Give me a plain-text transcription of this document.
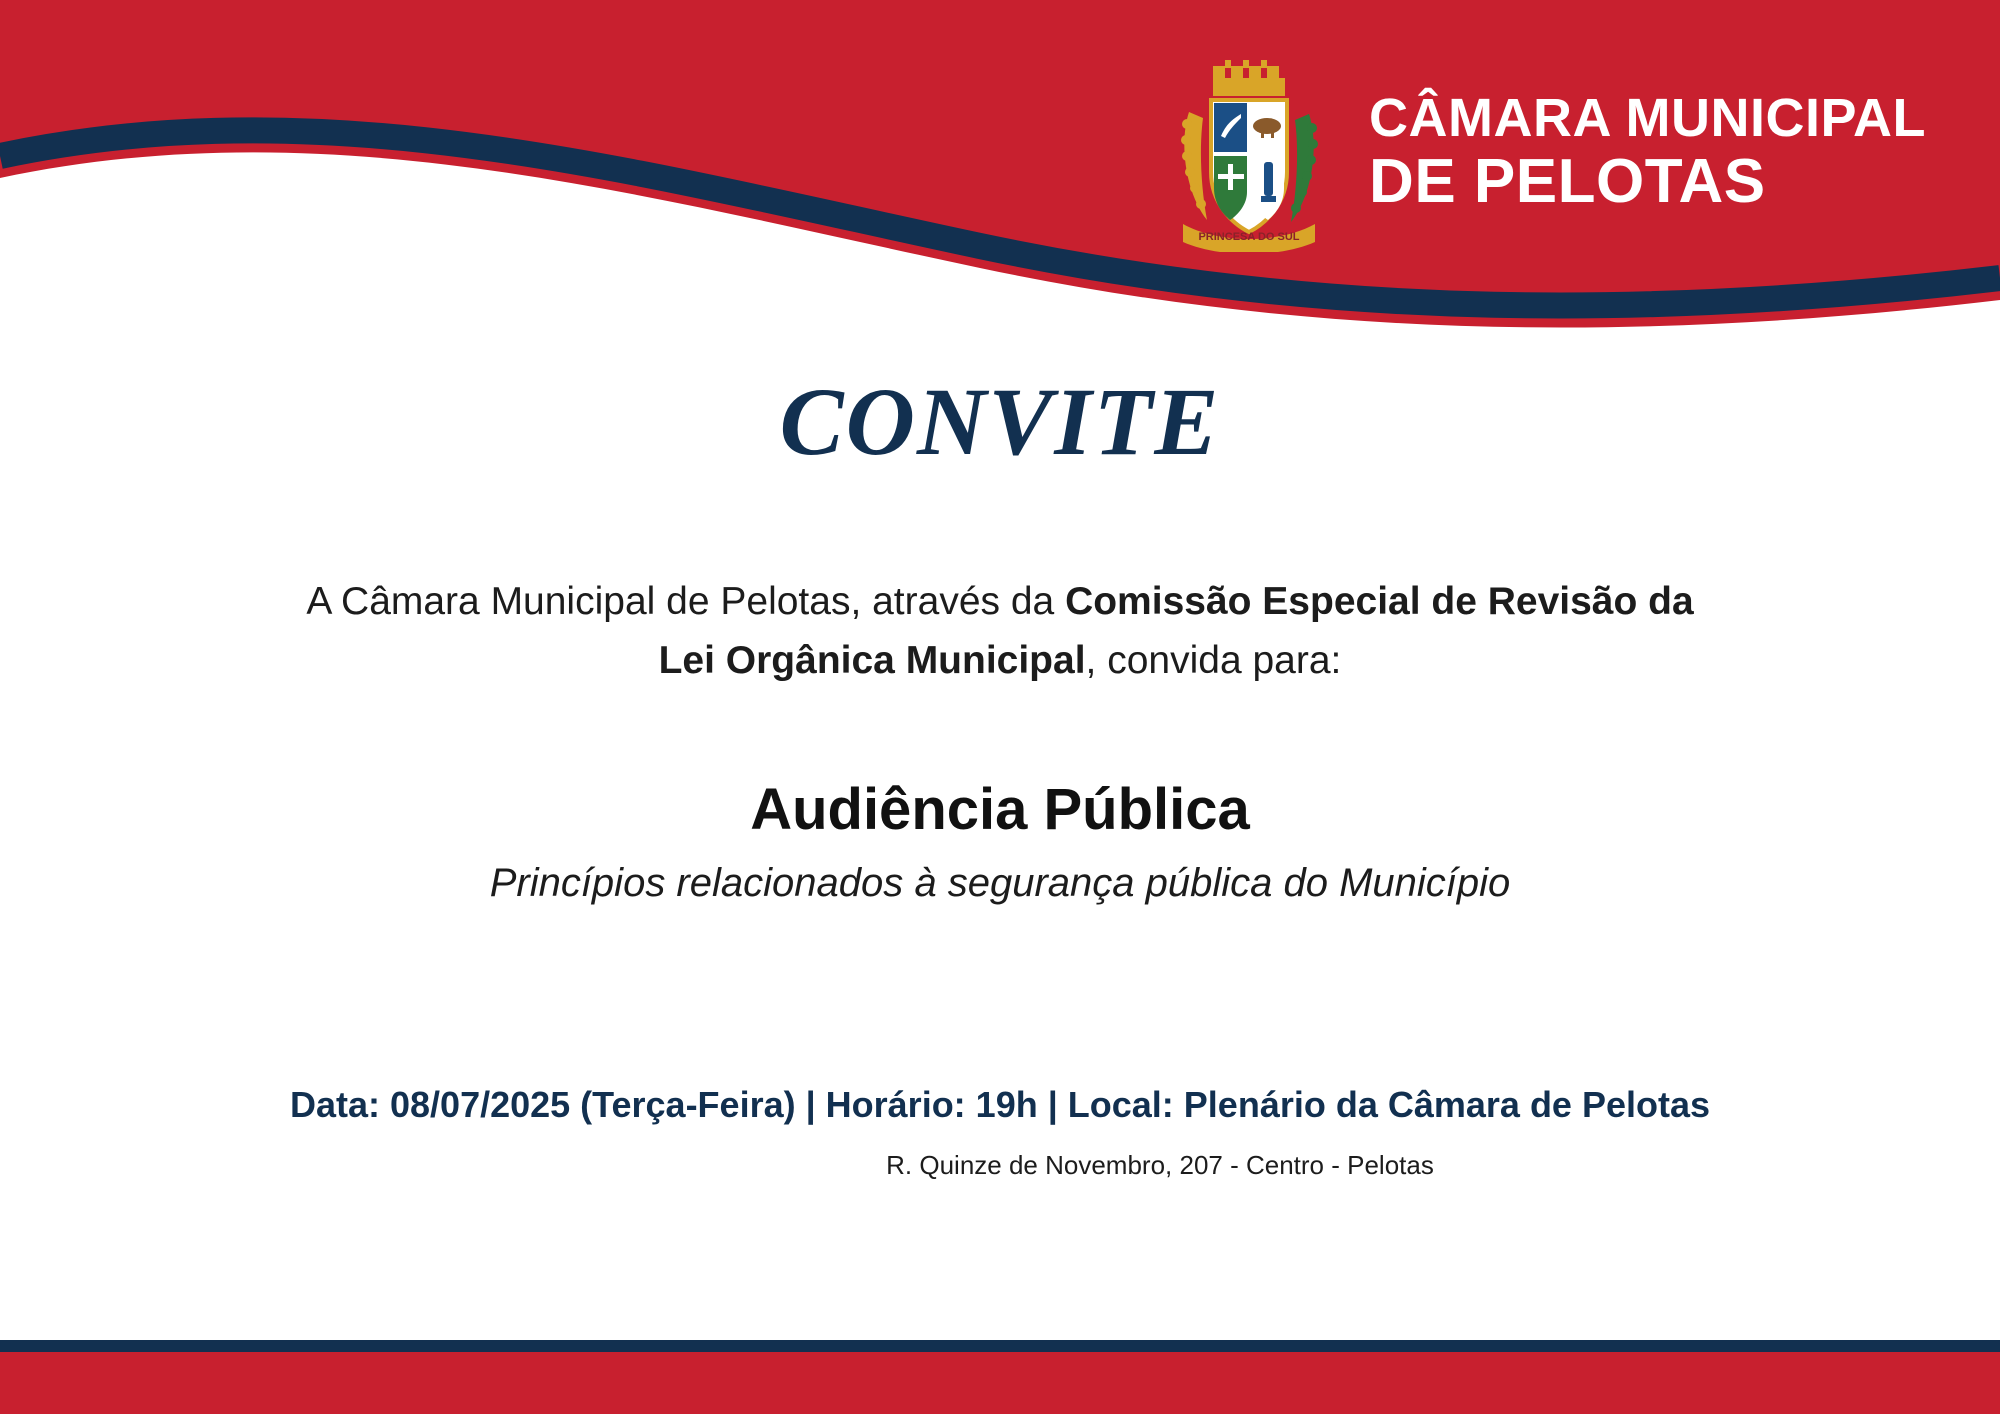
PRINCESA DO SUL
CÂMARA MUNICIPAL
DE PELOTAS
CONVITE
A Câmara Municipal de Pelotas, através da Comissão Especial de Revisão da Lei Orgânica Municipal, convida para:
Audiência Pública
Princípios relacionados à segurança pública do Município
Data: 08/07/2025 (Terça-Feira) | Horário: 19h | Local: Plenário da Câmara de Pelotas
R. Quinze de Novembro, 207 - Centro - Pelotas
